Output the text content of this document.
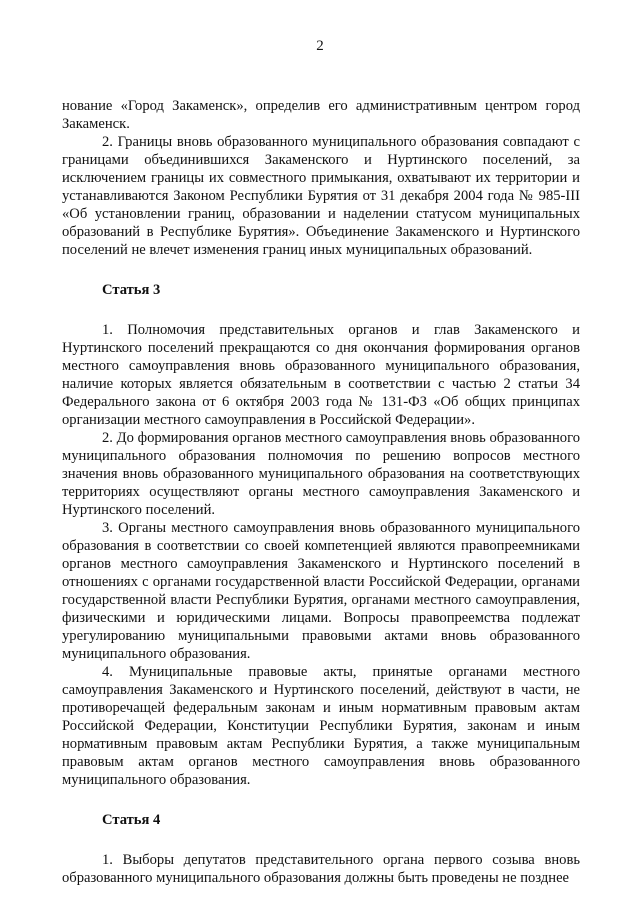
2

нование «Город Закаменск», определив его административным центром город Закаменск.

2. Границы вновь образованного муниципального образования совпадают с границами объединившихся Закаменского и Нуртинского поселений, за исключением границы их совместного примыкания, охватывают их территории и устанавливаются Законом Республики Бурятия от 31 декабря 2004 года № 985-III «Об установлении границ, образовании и наделении статусом муниципальных образований в Республике Бурятия». Объединение Закаменского и Нуртинского поселений не влечет изменения границ иных муниципальных образований.

Статья 3

1. Полномочия представительных органов и глав Закаменского и Нуртинского поселений прекращаются со дня окончания формирования органов местного самоуправления вновь образованного муниципального образования, наличие которых является обязательным в соответствии с частью 2 статьи 34 Федерального закона от 6 октября 2003 года № 131-ФЗ «Об общих принципах организации местного самоуправления в Российской Федерации».

2. До формирования органов местного самоуправления вновь образованного муниципального образования полномочия по решению вопросов местного значения вновь образованного муниципального образования на соответствующих территориях осуществляют органы местного самоуправления Закаменского и Нуртинского поселений.

3. Органы местного самоуправления вновь образованного муниципального образования в соответствии со своей компетенцией являются правопреемниками органов местного самоуправления Закаменского и Нуртинского поселений в отношениях с органами государственной власти Российской Федерации, органами государственной власти Республики Бурятия, органами местного самоуправления, физическими и юридическими лицами. Вопросы правопреемства подлежат урегулированию муниципальными правовыми актами вновь образованного муниципального образования.

4. Муниципальные правовые акты, принятые органами местного самоуправления Закаменского и Нуртинского поселений, действуют в части, не противоречащей федеральным законам и иным нормативным правовым актам Российской Федерации, Конституции Республики Бурятия, законам и иным нормативным правовым актам Республики Бурятия, а также муниципальным правовым актам органов местного самоуправления вновь образованного муниципального образования.

Статья 4

1. Выборы депутатов представительного органа первого созыва вновь образованного муниципального образования должны быть проведены не позднее
